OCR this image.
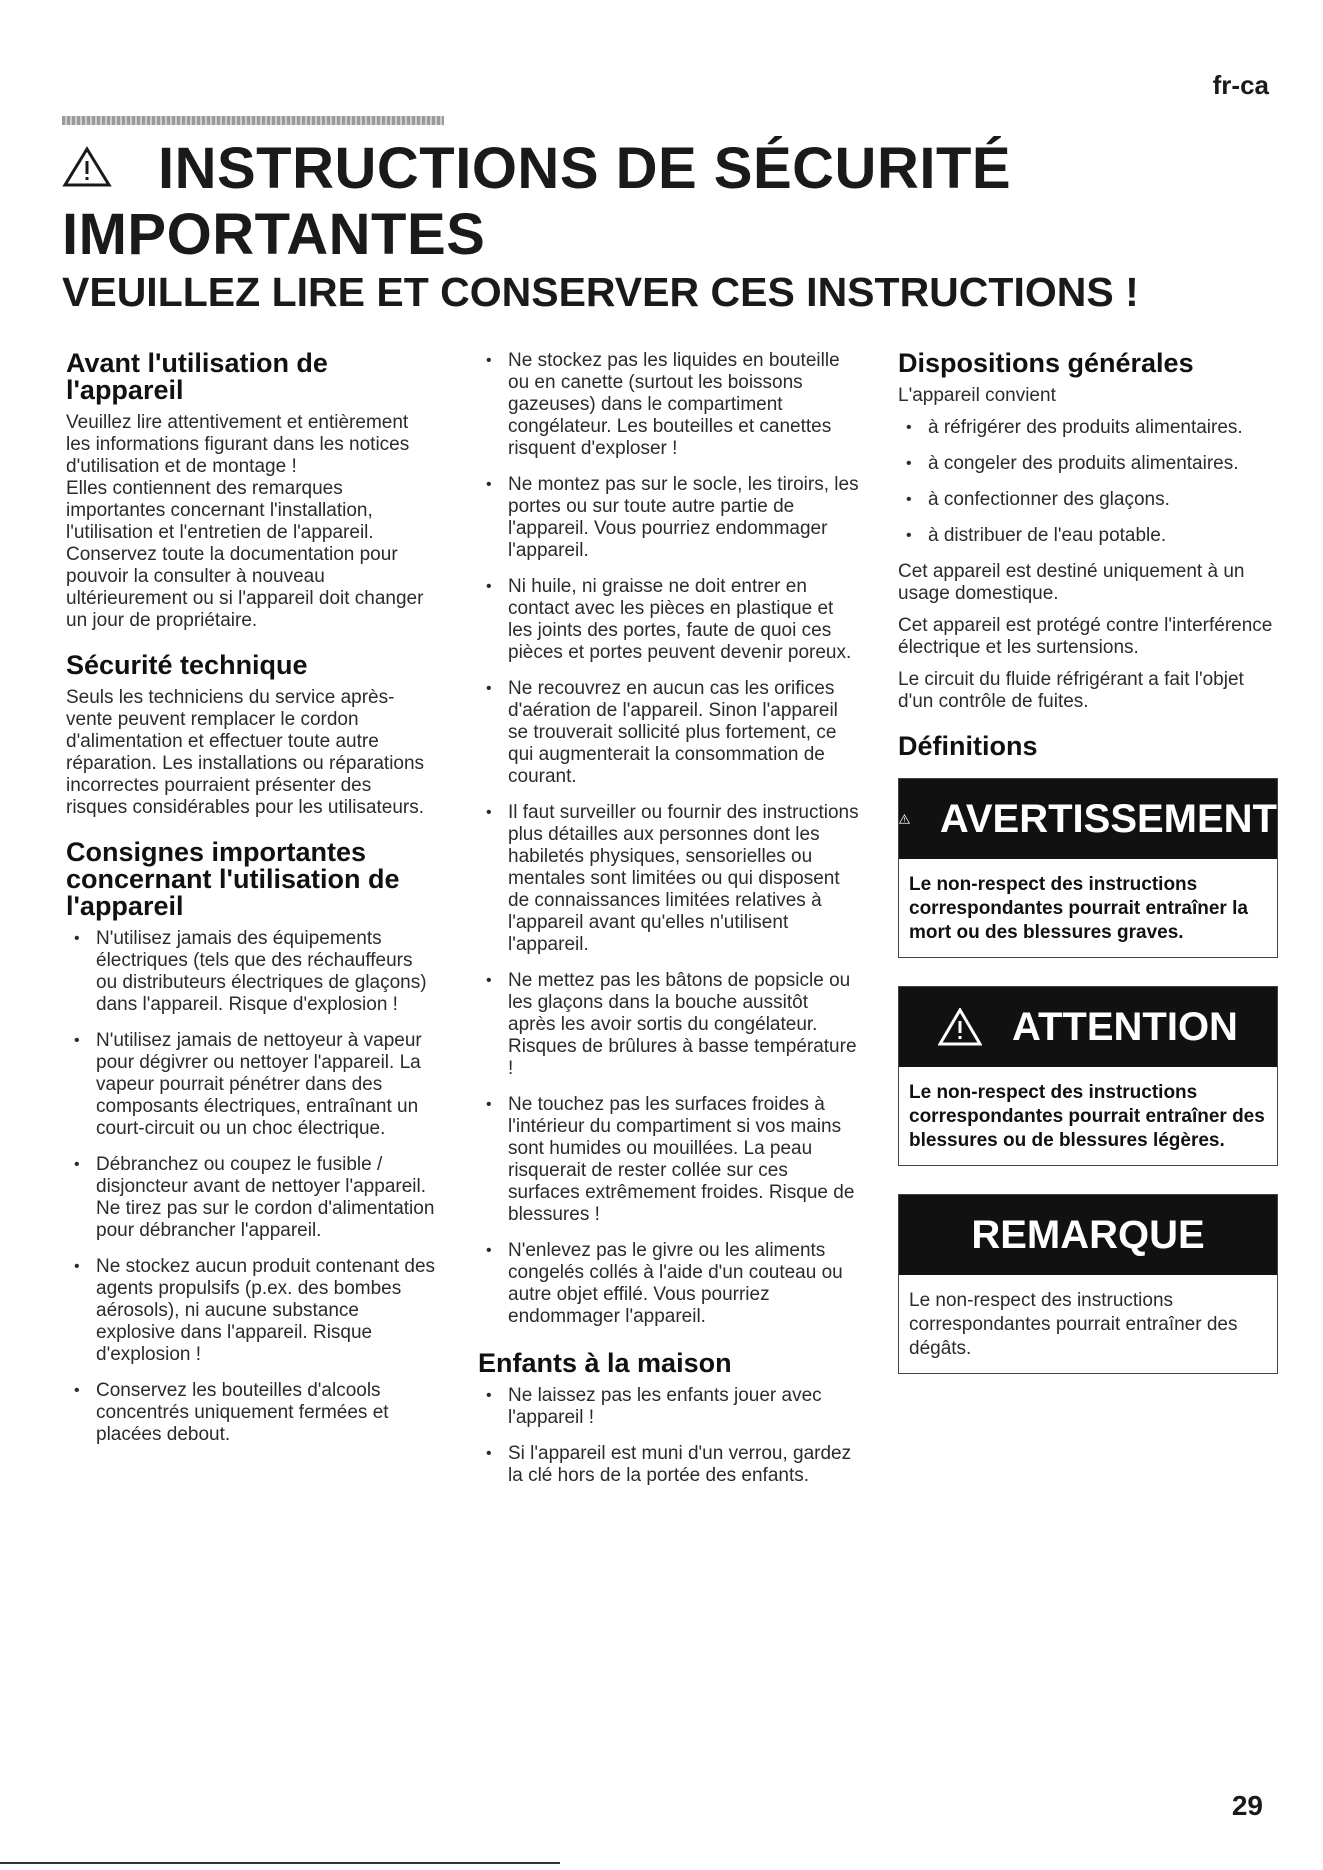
fr-ca
INSTRUCTIONS DE SÉCURITÉ
IMPORTANTES
VEUILLEZ LIRE ET CONSERVER CES INSTRUCTIONS !
Avant l'utilisation de l'appareil
Veuillez lire attentivement et entièrement les informations figurant dans les notices d'utilisation et de montage !
Elles contiennent des remarques importantes concernant l'installation, l'utilisation et l'entretien de l'appareil.
Conservez toute la documentation pour pouvoir la consulter à nouveau ultérieurement ou si l'appareil doit changer un jour de propriétaire.
Sécurité technique
Seuls les techniciens du service après-vente peuvent remplacer le cordon d'alimentation et effectuer toute autre réparation. Les installations ou réparations incorrectes pourraient présenter des risques considérables pour les utilisateurs.
Consignes importantes concernant l'utilisation de l'appareil
• N'utilisez jamais des équipements électriques (tels que des réchauffeurs ou distributeurs électriques de glaçons) dans l'appareil. Risque d'explosion !
• N'utilisez jamais de nettoyeur à vapeur pour dégivrer ou nettoyer l'appareil. La vapeur pourrait pénétrer dans des composants électriques, entraînant un court-circuit ou un choc électrique.
• Débranchez ou coupez le fusible / disjoncteur avant de nettoyer l'appareil.
Ne tirez pas sur le cordon d'alimentation pour débrancher l'appareil.
• Ne stockez aucun produit contenant des agents propulsifs (p.ex. des bombes aérosols), ni aucune substance explosive dans l'appareil. Risque d'explosion !
• Conservez les bouteilles d'alcools concentrés uniquement fermées et placées debout.
• Ne stockez pas les liquides en bouteille ou en canette (surtout les boissons gazeuses) dans le compartiment congélateur. Les bouteilles et canettes risquent d'exploser !
• Ne montez pas sur le socle, les tiroirs, les portes ou sur toute autre partie de l'appareil. Vous pourriez endommager l'appareil.
• Ni huile, ni graisse ne doit entrer en contact avec les pièces en plastique et les joints des portes, faute de quoi ces pièces et portes peuvent devenir poreux.
• Ne recouvrez en aucun cas les orifices d'aération de l'appareil. Sinon l'appareil se trouverait sollicité plus fortement, ce qui augmenterait la consommation de courant.
• Il faut surveiller ou fournir des instructions plus détailles aux personnes dont les habiletés physiques, sensorielles ou mentales sont limitées ou qui disposent de connaissances limitées relatives à l'appareil avant qu'elles n'utilisent l'appareil.
• Ne mettez pas les bâtons de popsicle ou les glaçons dans la bouche aussitôt après les avoir sortis du congélateur. Risques de brûlures à basse température !
• Ne touchez pas les surfaces froides à l'intérieur du compartiment si vos mains sont humides ou mouillées. La peau risquerait de rester collée sur ces surfaces extrêmement froides. Risque de blessures !
• N'enlevez pas le givre ou les aliments congelés collés à l'aide d'un couteau ou autre objet effilé. Vous pourriez endommager l'appareil.
Enfants à la maison
• Ne laissez pas les enfants jouer avec l'appareil !
• Si l'appareil est muni d'un verrou, gardez la clé hors de la portée des enfants.
Dispositions générales

L'appareil convient

• à réfrigérer des produits alimentaires.
• à congeler des produits alimentaires.
• à confectionner des glaçons.
• à distribuer de l'eau potable.

Cet appareil est destiné uniquement à un usage domestique.

Cet appareil est protégé contre l'interférence électrique et les surtensions.

Le circuit du fluide réfrigérant a fait l'objet d'un contrôle de fuites.

Définitions
AVERTISSEMENT
Le non-respect des instructions correspondantes pourrait entraîner la mort ou des blessures graves.
ATTENTION
Le non-respect des instructions correspondantes pourrait entraîner des blessures ou de blessures légères.
REMARQUE
Le non-respect des instructions correspondantes pourrait entraîner des dégâts.
29
